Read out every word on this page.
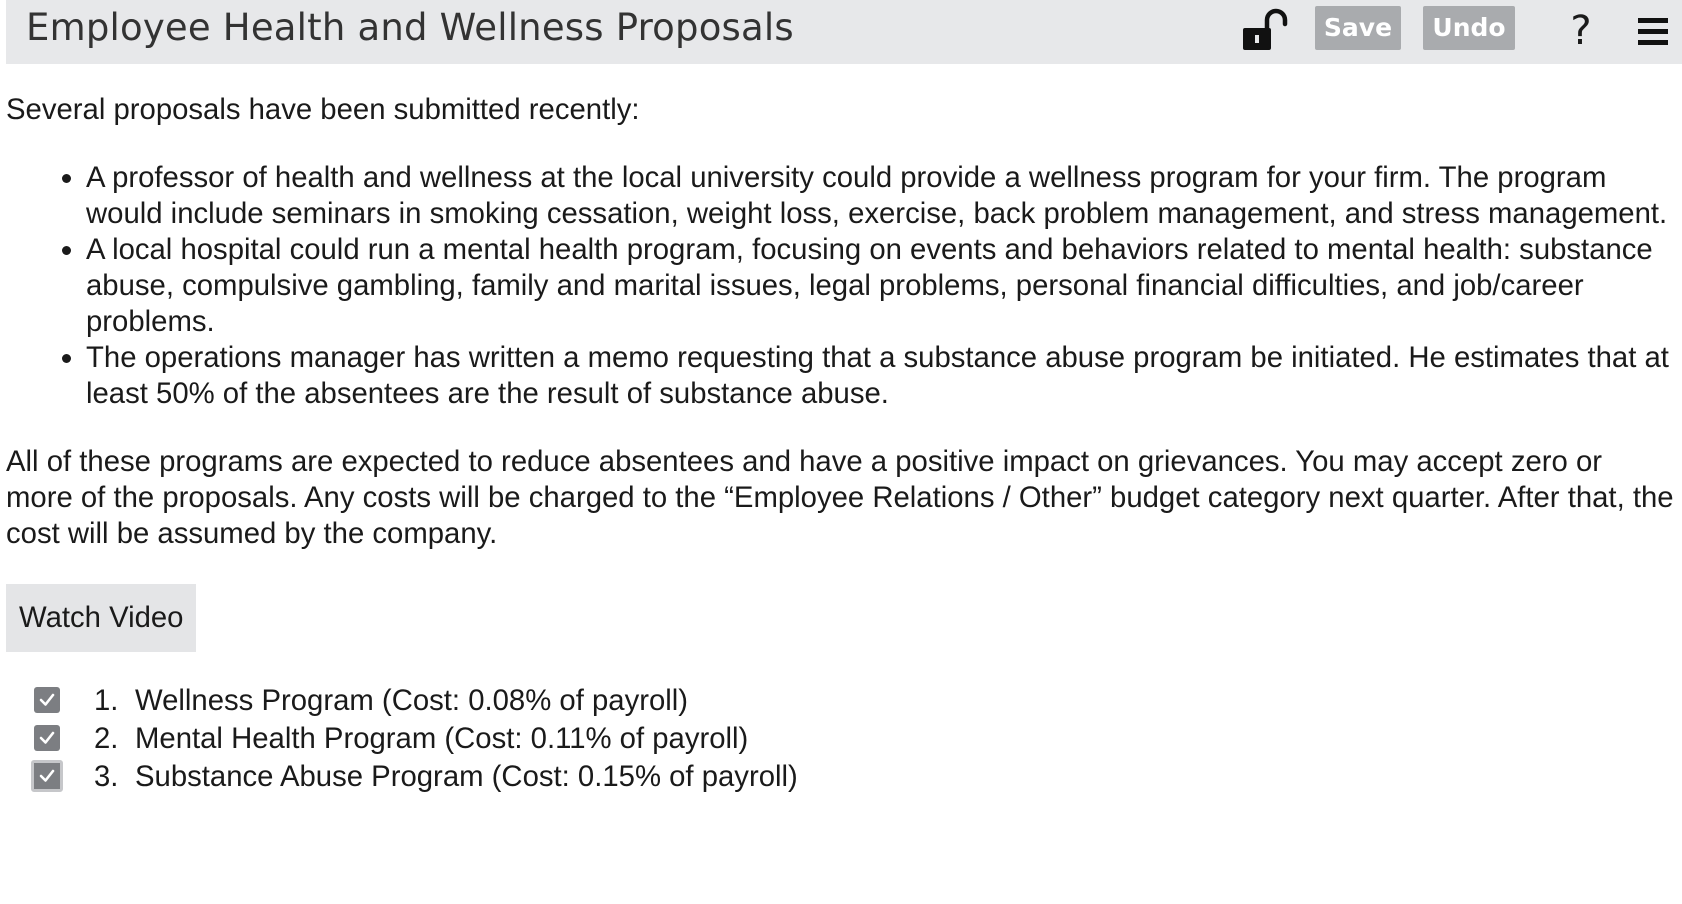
Employee Health and Wellness Proposals	Save	Undo ?

Several proposals have been submitted recently:

• A professor of health and wellness at the local university could provide a wellness program for your firm. The program would include seminars in smoking cessation, weight loss, exercise, back problem management, and stress management.
• A local hospital could run a mental health program, focusing on events and behaviors related to mental health: substance abuse, compulsive gambling, family and marital issues, legal problems, personal financial difficulties, and job/career problems.
• The operations manager has written a memo requesting that a substance abuse program be initiated. He estimates that at least 50% of the absentees are the result of substance abuse.

All of these programs are expected to reduce absentees and have a positive impact on grievances. You may accept zero or more of the proposals. Any costs will be charged to the “Employee Relations / Other” budget category next quarter. After that, the cost will be assumed by the company.

Watch Video
1. Wellness Program (Cost: 0.08% of payroll)
2. Mental Health Program (Cost: 0.11% of payroll)
3. Substance Abuse Program (Cost: 0.15% of payroll)
